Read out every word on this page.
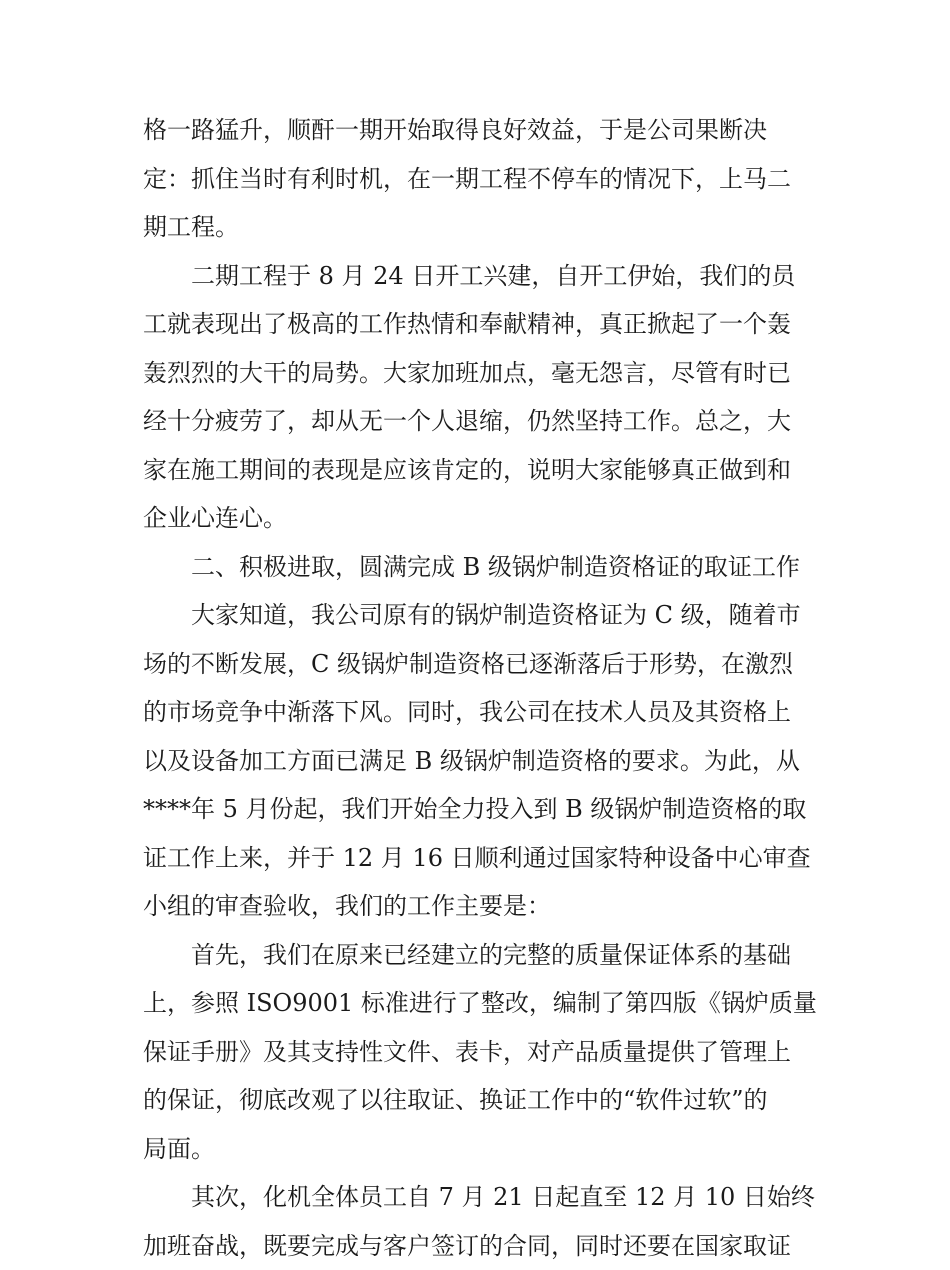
格一路猛升，顺酐一期开始取得良好效益，于是公司果断决
定：抓住当时有利时机，在一期工程不停车的情况下，上马二
期工程。
二期工程于 8 月 24 日开工兴建，自开工伊始，我们的员
工就表现出了极高的工作热情和奉献精神，真正掀起了一个轰
轰烈烈的大干的局势。大家加班加点，毫无怨言，尽管有时已
经十分疲劳了，却从无一个人退缩，仍然坚持工作。总之，大
家在施工期间的表现是应该肯定的，说明大家能够真正做到和
企业心连心。
二、积极进取，圆满完成 B 级锅炉制造资格证的取证工作
大家知道，我公司原有的锅炉制造资格证为 C 级，随着市
场的不断发展，C 级锅炉制造资格已逐渐落后于形势，在激烈
的市场竞争中渐落下风。同时，我公司在技术人员及其资格上
以及设备加工方面已满足 B 级锅炉制造资格的要求。为此，从
****年 5 月份起，我们开始全力投入到 B 级锅炉制造资格的取
证工作上来，并于 12 月 16 日顺利通过国家特种设备中心审查
小组的审查验收，我们的工作主要是：
首先，我们在原来已经建立的完整的质量保证体系的基础
上，参照 ISO9001 标准进行了整改，编制了第四版《锅炉质量
保证手册》及其支持性文件、表卡，对产品质量提供了管理上
的保证，彻底改观了以往取证、换证工作中的“软件过软”的
局面。
其次，化机全体员工自 7 月 21 日起直至 12 月 10 日始终
加班奋战，既要完成与客户签订的合同，同时还要在国家取证
